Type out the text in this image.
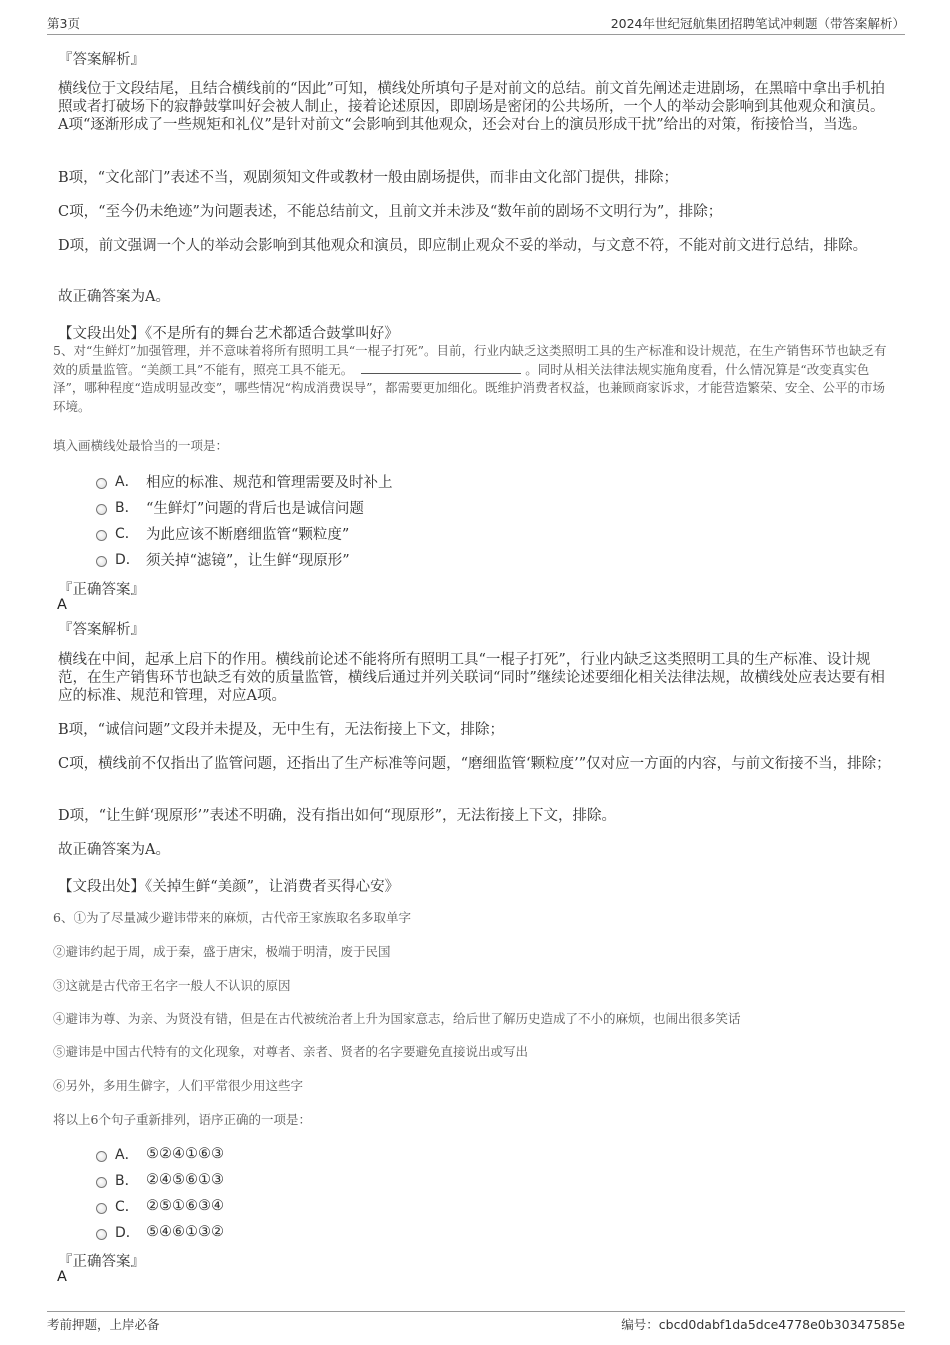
第3页	2024年世纪冠航集团招聘笔试冲刺题（带答案解析）
『答案解析』
横线位于文段结尾，且结合横线前的“因此”可知，横线处所填句子是对前文的总结。前文首先阐述走进剧场，在黑暗中拿出手机拍照或者打破场下的寂静鼓掌叫好会被人制止，接着论述原因，即剧场是密闭的公共场所，一个人的举动会影响到其他观众和演员。A项“逐渐形成了一些规矩和礼仪”是针对前文“会影响到其他观众，还会对台上的演员形成干扰”给出的对策，衔接恰当，当选。
B项，“文化部门”表述不当，观剧须知文件或教材一般由剧场提供，而非由文化部门提供，排除；
C项，“至今仍未绝迹”为问题表述，不能总结前文，且前文并未涉及“数年前的剧场不文明行为”，排除；
D项，前文强调一个人的举动会影响到其他观众和演员，即应制止观众不妥的举动，与文意不符，不能对前文进行总结，排除。
故正确答案为A。
【文段出处】《不是所有的舞台艺术都适合鼓掌叫好》
5、对“生鲜灯”加强管理，并不意味着将所有照明工具“一棍子打死”。目前，行业内缺乏这类照明工具的生产标准和设计规范，在生产销售环节也缺乏有效的质量监管。“美颜工具”不能有，照亮工具不能无。	。同时从相关法律法规实施角度看，什么情况算是“改变真实色泽”，哪种程度“造成明显改变”，哪些情况“构成消费误导”，都需要更加细化。既维护消费者权益，也兼顾商家诉求，才能营造繁荣、安全、公平的市场环境。
填入画横线处最恰当的一项是：
A． 相应的标准、规范和管理需要及时补上
B． “生鲜灯”问题的背后也是诚信问题
C． 为此应该不断磨细监管“颗粒度”
D． 须关掉“滤镜”，让生鲜“现原形”
『正确答案』
A
『答案解析』
横线在中间，起承上启下的作用。横线前论述不能将所有照明工具“一棍子打死”，行业内缺乏这类照明工具的生产标准、设计规范，在生产销售环节也缺乏有效的质量监管，横线后通过并列关联词“同时”继续论述要细化相关法律法规，故横线处应表达要有相应的标准、规范和管理，对应A项。
B项，“诚信问题”文段并未提及，无中生有，无法衔接上下文，排除；
C项，横线前不仅指出了监管问题，还指出了生产标准等问题，“磨细监管‘颗粒度’”仅对应一方面的内容，与前文衔接不当，排除；
D项，“让生鲜‘现原形’”表述不明确，没有指出如何“现原形”，无法衔接上下文，排除。
故正确答案为A。
【文段出处】《关掉生鲜“美颜”，让消费者买得心安》
6、①为了尽量减少避讳带来的麻烦，古代帝王家族取名多取单字
②避讳约起于周，成于秦，盛于唐宋，极端于明清，废于民国
③这就是古代帝王名字一般人不认识的原因
④避讳为尊、为亲、为贤没有错，但是在古代被统治者上升为国家意志，给后世了解历史造成了不小的麻烦，也闹出很多笑话
⑤避讳是中国古代特有的文化现象，对尊者、亲者、贤者的名字要避免直接说出或写出
⑥另外，多用生僻字，人们平常很少用这些字
将以上6个句子重新排列，语序正确的一项是：
A． ⑤②④①⑥③
B． ②④⑤⑥①③
C． ②⑤①⑥③④
D． ⑤④⑥①③②
『正确答案』
A
考前押题，上岸必备	编号：cbcd0dabf1da5dce4778e0b30347585e
